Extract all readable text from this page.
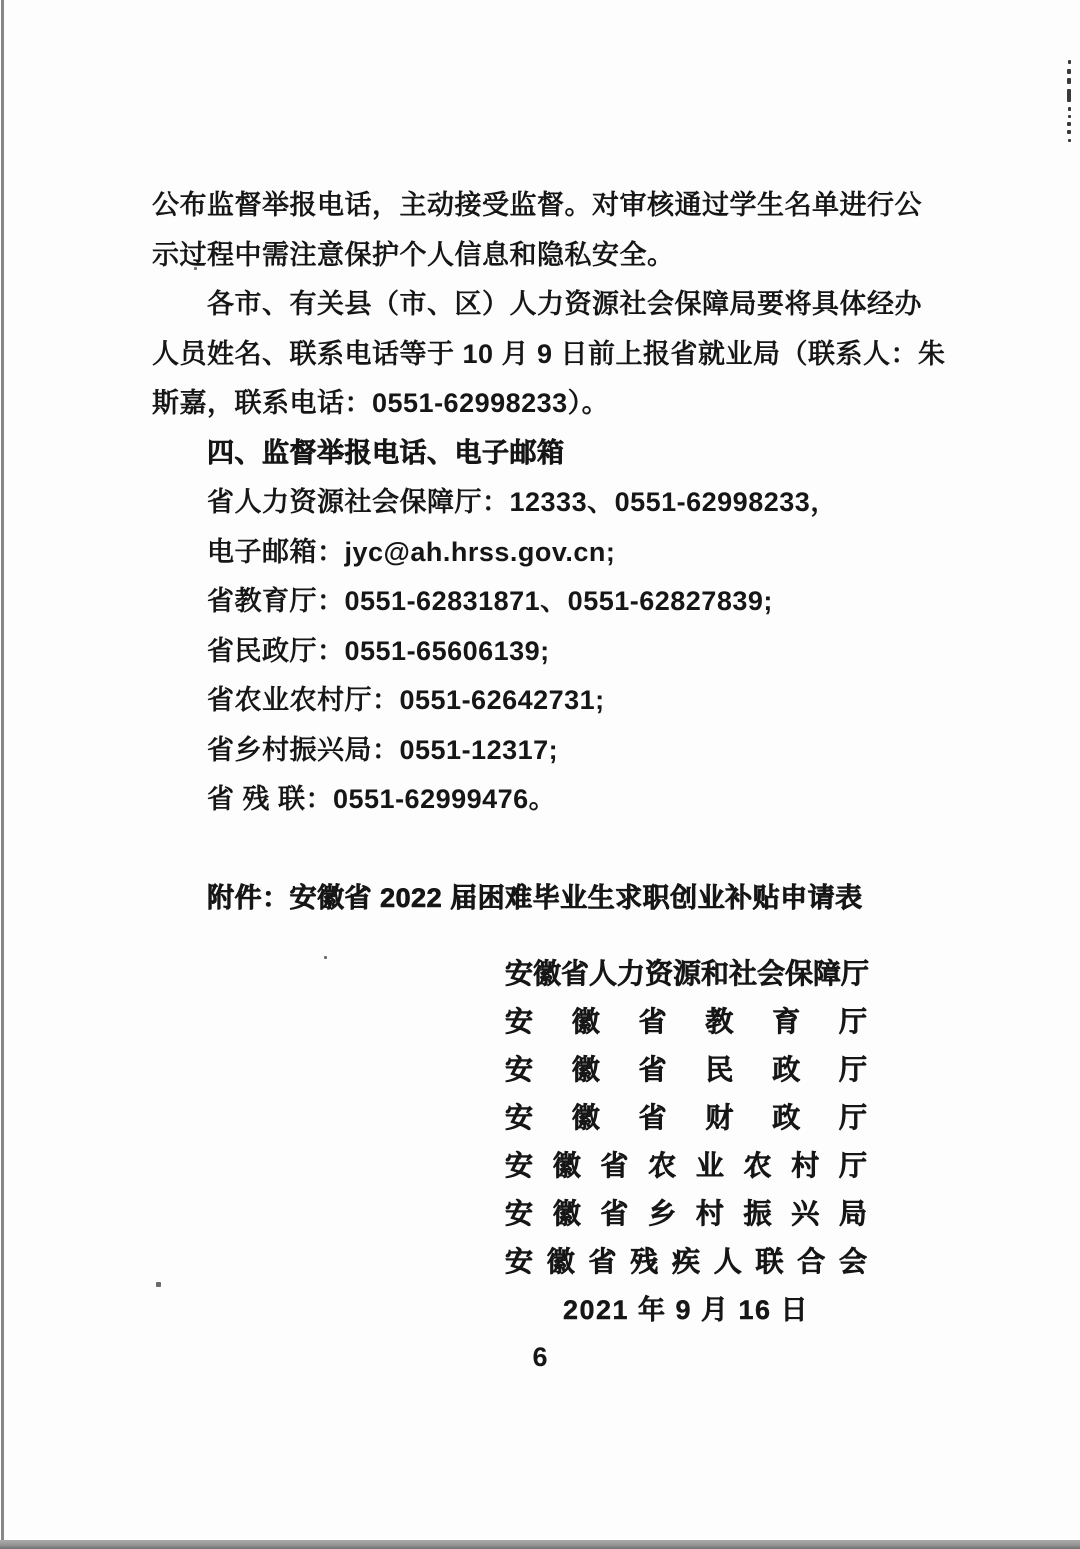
公布监督举报电话，主动接受监督。对审核通过学生名单进行公
示过程中需注意保护个人信息和隐私安全。
各市、有关县（市、区）人力资源社会保障局要将具体经办
人员姓名、联系电话等于 10 月 9 日前上报省就业局（联系人：朱
斯嘉，联系电话：0551-62998233）。
四、监督举报电话、电子邮箱
省人力资源社会保障厅：12333、0551-62998233，
电子邮箱：jyc@ah.hrss.gov.cn;
省教育厅：0551-62831871、0551-62827839;
省民政厅：0551-65606139;
省农业农村厅：0551-62642731;
省乡村振兴局：0551-12317;
省 残 联：0551-62999476。
附件：安徽省 2022 届困难毕业生求职创业补贴申请表
安徽省人力资源和社会保障厅
安 徽 省 教 育 厅
安 徽 省 民 政 厅
安 徽 省 财 政 厅
安 徽 省 农 业 农 村 厅
安 徽 省 乡 村 振 兴 局
安 徽 省 残 疾 人 联 合 会
2021 年 9 月 16 日
6
